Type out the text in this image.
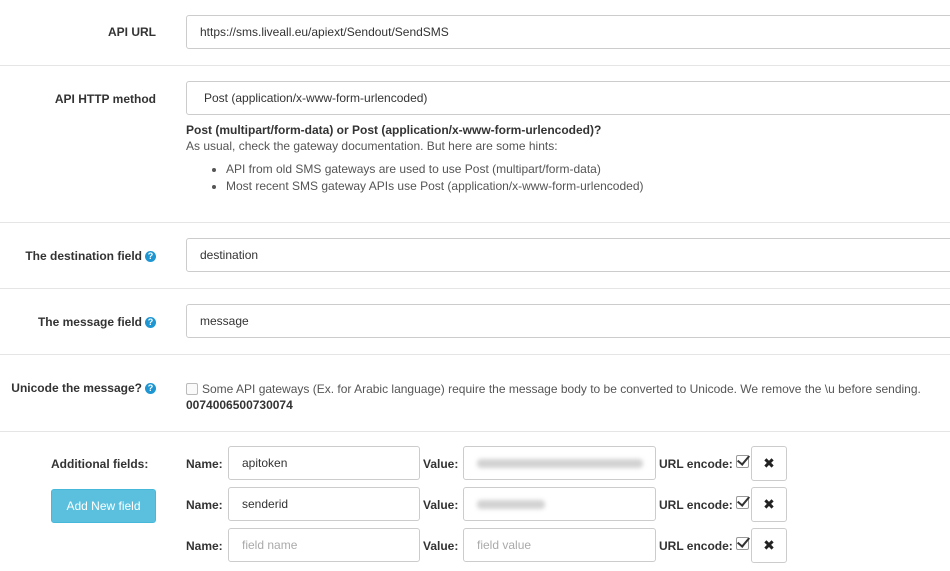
API URL	https://sms.liveall.eu/apiext/Sendout/SendSMS
API HTTP method	Post (application/x-www-form-urlencoded)
Post (multipart/form-data) or Post (application/x-www-form-urlencoded)?
As usual, check the gateway documentation. But here are some hints:
• API from old SMS gateways are used to use Post (multipart/form-data)
• Most recent SMS gateway APIs use Post (application/x-www-form-urlencoded)
The destination field ?	destination
The message field ?	message
Unicode the message? ?	Some API gateways (Ex. for Arabic language) require the message body to be converted to Unicode. We remove the \u before sending.
0074006500730074
Additional fields:
Add New field
Name:	apitoken	Value:	URL encode:	✖
Name:	senderid	Value:	URL encode:	✖
Name:	field name	Value:	field value	URL encode:	✖
